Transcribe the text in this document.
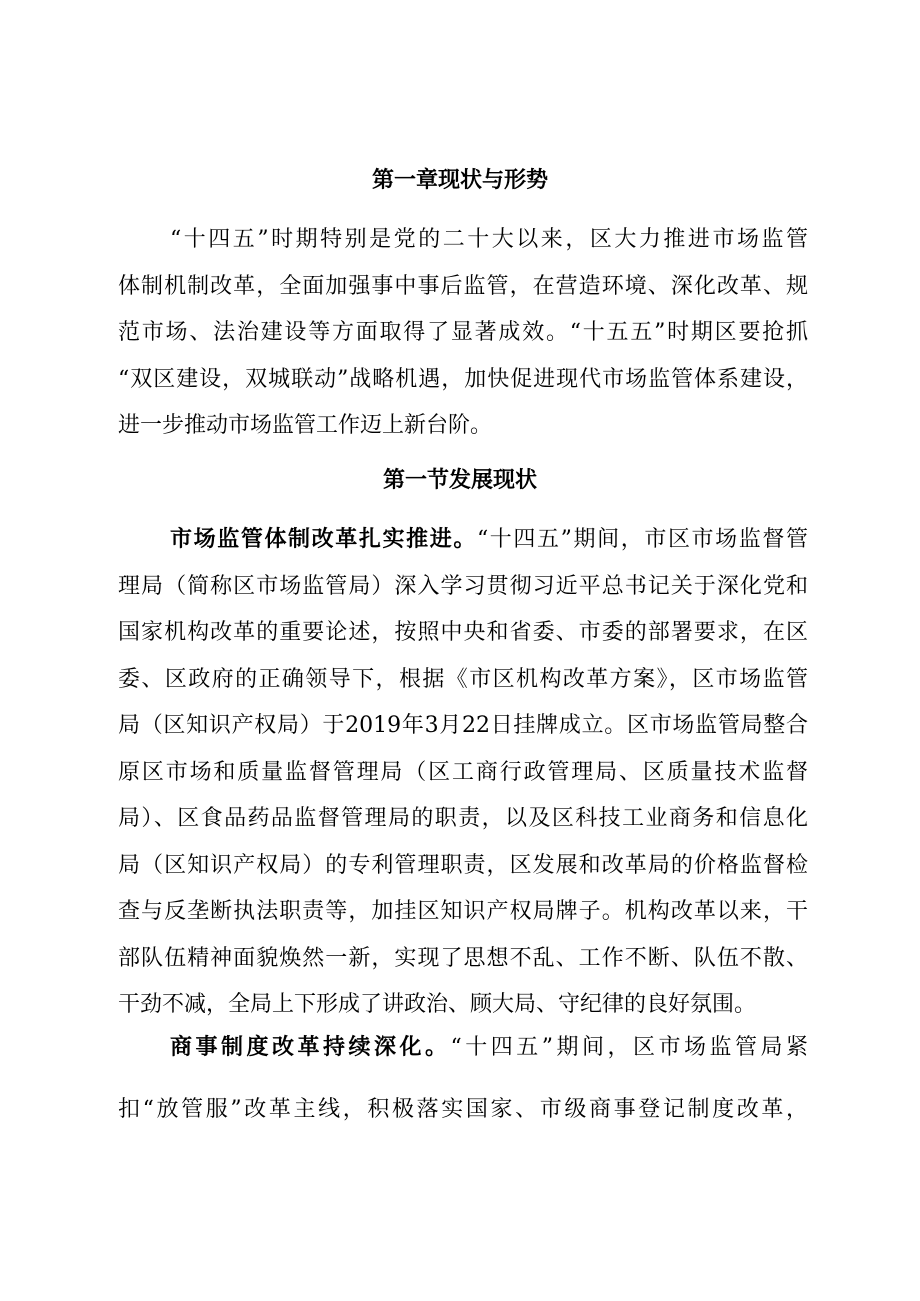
第一章现状与形势
“十四五”时期特别是党的二十大以来，区大力推进市场监管
体制机制改革，全面加强事中事后监管，在营造环境、深化改革、规
范市场、法治建设等方面取得了显著成效。“十五五”时期区要抢抓
“双区建设，双城联动”战略机遇，加快促进现代市场监管体系建设，
进一步推动市场监管工作迈上新台阶。
第一节发展现状
市场监管体制改革扎实推进。“十四五”期间，市区市场监督管
理局（简称区市场监管局）深入学习贯彻习近平总书记关于深化党和
国家机构改革的重要论述，按照中央和省委、市委的部署要求，在区
委、区政府的正确领导下，根据《市区机构改革方案》，区市场监管
局（区知识产权局）于2019年3月22日挂牌成立。区市场监管局整合
原区市场和质量监督管理局（区工商行政管理局、区质量技术监督
局）、区食品药品监督管理局的职责，以及区科技工业商务和信息化
局（区知识产权局）的专利管理职责，区发展和改革局的价格监督检
查与反垄断执法职责等，加挂区知识产权局牌子。机构改革以来，干
部队伍精神面貌焕然一新，实现了思想不乱、工作不断、队伍不散、
干劲不减，全局上下形成了讲政治、顾大局、守纪律的良好氛围。
商事制度改革持续深化。“十四五”期间，区市场监管局紧
扣“放管服”改革主线，积极落实国家、市级商事登记制度改革，
